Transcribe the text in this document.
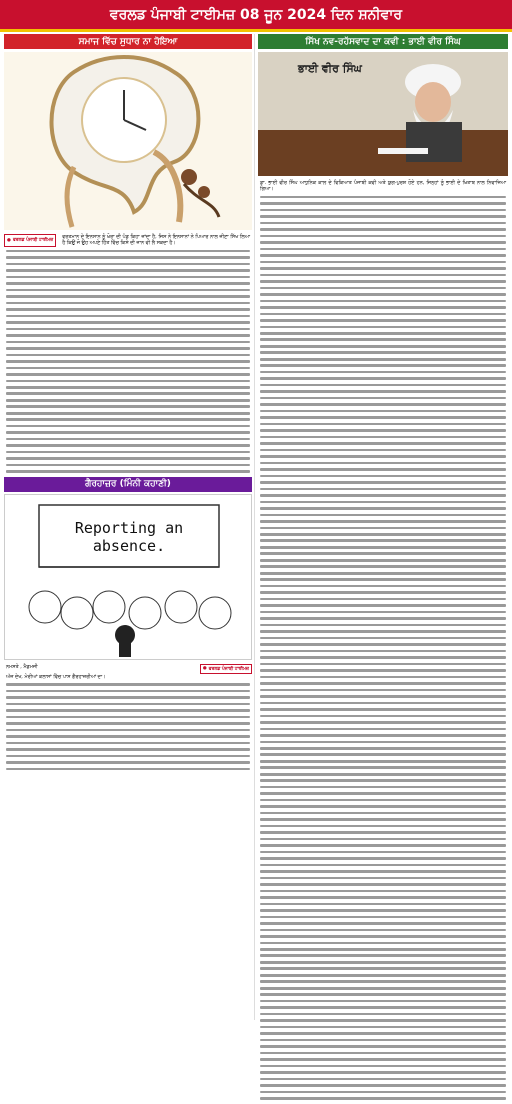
ਵਰਲਡ ਪੰਜਾਬੀ ਟਾਈਮਜ਼ 08 ਜੂਨ 2024 ਦਿਨ ਸ਼ਨੀਵਾਰ
ਸਮਾਜ ਵਿੱਚ ਸੁਧਾਰ ਨਾ ਹੋਇਆ
● ਵਰਲਡ ਪੰਜਾਬੀ ਟਾਈਮਜ਼

ਵਰਤਮਾਨ ਦੇ ਇਨਸਾਨ ਨੂੰ ਖ਼ੋਰਾ ਦੀ ਪੰਡ ਕਿਹਾ ਜਾਂਦਾ ਹੈ, ਜਿਸ ਨੇ ਇਨਸਾਨਾਂ ਨੇ ਪਿਆਰ ਨਾਲ ਜੀਣਾ ਸਿੱਖ ਲਿਆ ਹੈ ਕਿਉਂ ਜੋ ਉਹ ਅਪਣੇ ਹਿੱਤ ਵਿੱਚ ਕਿਸੇ ਦੀ ਜਾਨ ਵੀ ਲੈ ਸਕਦਾ ਹੈ।

ਗੈਰਹਾਜ਼ਰ (ਮਿੰਨੀ ਕਹਾਣੀ)
Reporting an absence.

ਨਮਸਤੇ , ਮੈਡਮਜੀ	● ਵਰਲਡ ਪੰਜਾਬੀ ਟਾਈਮਜ਼

ਅੱਜ ਦੇਖ, ਮੇਰੀਆਂ ਕਲਾਸਾਂ ਵਿੱਚ ਪਾਸ ਗੈਰਹਾਜ਼ਰੀਆਂ ਦਾ।

ਸਿੱਖ ਨਵ-ਰਹੱਸਵਾਦ ਦਾ ਕਵੀ : ਭਾਈ ਵੀਰ ਸਿੰਘ
ਭਾਈ ਵੀਰ ਸਿੰਘ

ਡਾ. ਭਾਈ ਵੀਰ ਸਿੰਘ ਆਧੁਨਿਕ ਕਾਲ ਦੇ ਵਿਕਿਆਤ ਪੰਜਾਬੀ ਕਵੀ ਅਤੇ ਯੁਗ-ਪੁਰਸ਼ ਹੋਏ ਹਨ, ਜਿਨ੍ਹਾਂ ਨੂੰ ਭਾਈ ਦੇ ਖ਼ਿਤਾਬ ਨਾਲ ਨਿਵਾਜਿਆ ਗਿਆ।
